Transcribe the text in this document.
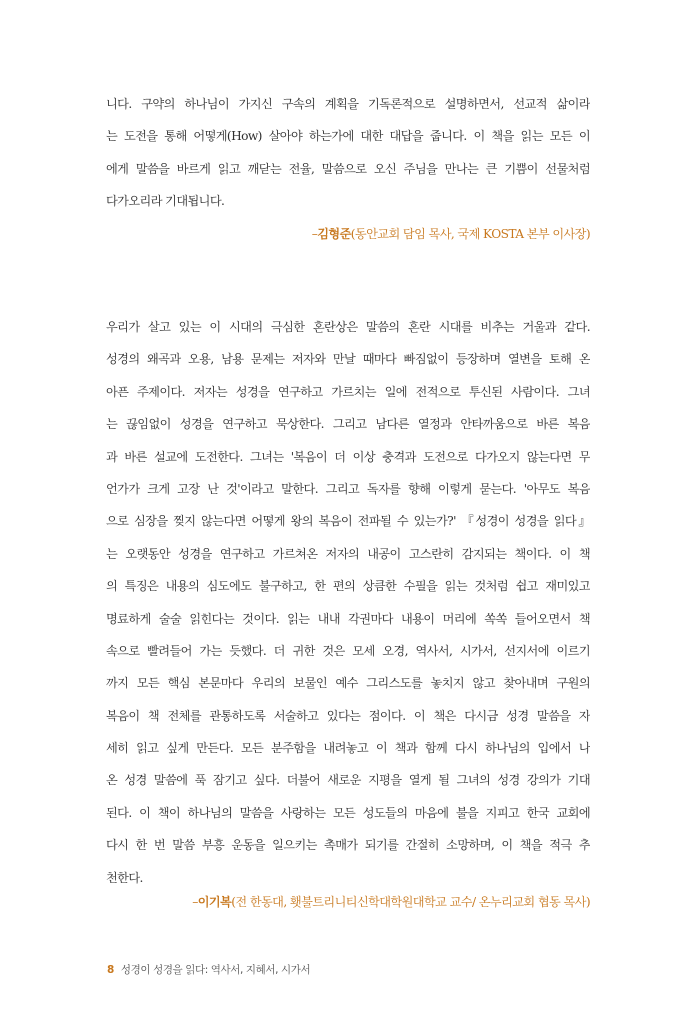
니다. 구약의 하나님이 가지신 구속의 계획을 기독론적으로 설명하면서, 선교적 삶이라
는 도전을 통해 어떻게(How) 살아야 하는가에 대한 대답을 줍니다. 이 책을 읽는 모든 이
에게 말씀을 바르게 읽고 깨닫는 전율, 말씀으로 오신 주님을 만나는 큰 기쁨이 선물처럼
다가오리라 기대됩니다.
–김형준(동안교회 담임 목사, 국제 KOSTA 본부 이사장)
우리가 살고 있는 이 시대의 극심한 혼란상은 말씀의 혼란 시대를 비추는 거울과 같다.
성경의 왜곡과 오용, 남용 문제는 저자와 만날 때마다 빠짐없이 등장하며 열변을 토해 온
아픈 주제이다. 저자는 성경을 연구하고 가르치는 일에 전적으로 투신된 사람이다. 그녀
는 끊임없이 성경을 연구하고 묵상한다. 그리고 남다른 열정과 안타까움으로 바른 복음
과 바른 설교에 도전한다. 그녀는 '복음이 더 이상 충격과 도전으로 다가오지 않는다면 무
언가가 크게 고장 난 것'이라고 말한다. 그리고 독자를 향해 이렇게 묻는다. '아무도 복음
으로 심장을 찢지 않는다면 어떻게 왕의 복음이 전파될 수 있는가?' 『성경이 성경을 읽다』
는 오랫동안 성경을 연구하고 가르쳐온 저자의 내공이 고스란히 감지되는 책이다. 이 책
의 특징은 내용의 심도에도 불구하고, 한 편의 상큼한 수필을 읽는 것처럼 쉽고 재미있고
명료하게 술술 읽힌다는 것이다. 읽는 내내 각권마다 내용이 머리에 쏙쏙 들어오면서 책
속으로 빨려들어 가는 듯했다. 더 귀한 것은 모세 오경, 역사서, 시가서, 선지서에 이르기
까지 모든 핵심 본문마다 우리의 보물인 예수 그리스도를 놓치지 않고 찾아내며 구원의
복음이 책 전체를 관통하도록 서술하고 있다는 점이다. 이 책은 다시금 성경 말씀을 자
세히 읽고 싶게 만든다. 모든 분주함을 내려놓고 이 책과 함께 다시 하나님의 입에서 나
온 성경 말씀에 푹 잠기고 싶다. 더불어 새로운 지평을 열게 될 그녀의 성경 강의가 기대
된다. 이 책이 하나님의 말씀을 사랑하는 모든 성도들의 마음에 불을 지피고 한국 교회에
다시 한 번 말씀 부흥 운동을 일으키는 촉매가 되기를 간절히 소망하며, 이 책을 적극 추
천한다.
–이기복(전 한동대, 횃불트리니티신학대학원대학교 교수/ 온누리교회 협동 목사)
8 성경이 성경을 읽다: 역사서, 지혜서, 시가서
